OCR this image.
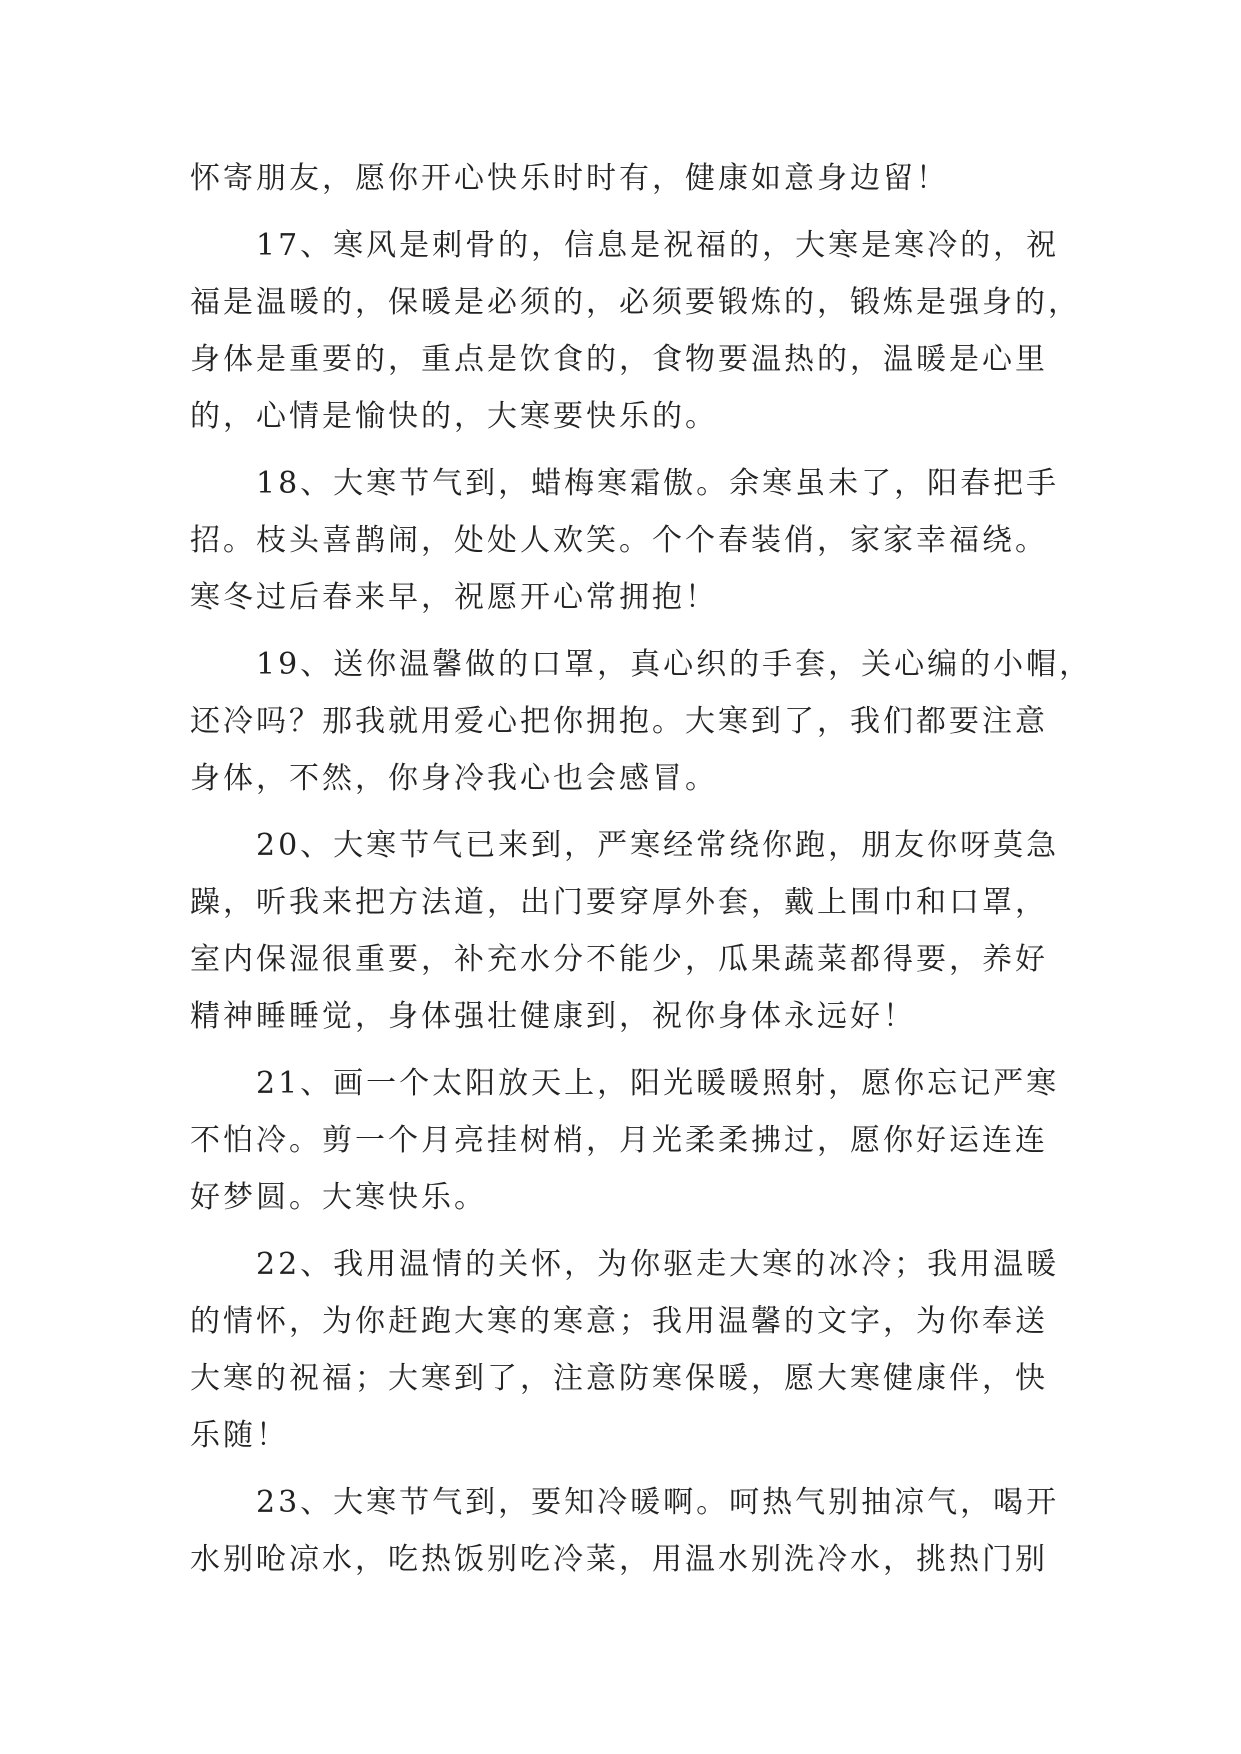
怀寄朋友，愿你开心快乐时时有，健康如意身边留！
17、寒风是刺骨的，信息是祝福的，大寒是寒冷的，祝
福是温暖的，保暖是必须的，必须要锻炼的，锻炼是强身的，
身体是重要的，重点是饮食的，食物要温热的，温暖是心里
的，心情是愉快的，大寒要快乐的。
18、大寒节气到，蜡梅寒霜傲。余寒虽未了，阳春把手
招。枝头喜鹊闹，处处人欢笑。个个春装俏，家家幸福绕。
寒冬过后春来早，祝愿开心常拥抱！
19、送你温馨做的口罩，真心织的手套，关心编的小帽，
还冷吗？那我就用爱心把你拥抱。大寒到了，我们都要注意
身体，不然，你身冷我心也会感冒。
20、大寒节气已来到，严寒经常绕你跑，朋友你呀莫急
躁，听我来把方法道，出门要穿厚外套，戴上围巾和口罩，
室内保湿很重要，补充水分不能少，瓜果蔬菜都得要，养好
精神睡睡觉，身体强壮健康到，祝你身体永远好！
21、画一个太阳放天上，阳光暖暖照射，愿你忘记严寒
不怕冷。剪一个月亮挂树梢，月光柔柔拂过，愿你好运连连
好梦圆。大寒快乐。
22、我用温情的关怀，为你驱走大寒的冰冷；我用温暖
的情怀，为你赶跑大寒的寒意；我用温馨的文字，为你奉送
大寒的祝福；大寒到了，注意防寒保暖，愿大寒健康伴，快
乐随！
23、大寒节气到，要知冷暖啊。呵热气别抽凉气，喝开
水别呛凉水，吃热饭别吃冷菜，用温水别洗冷水，挑热门别
